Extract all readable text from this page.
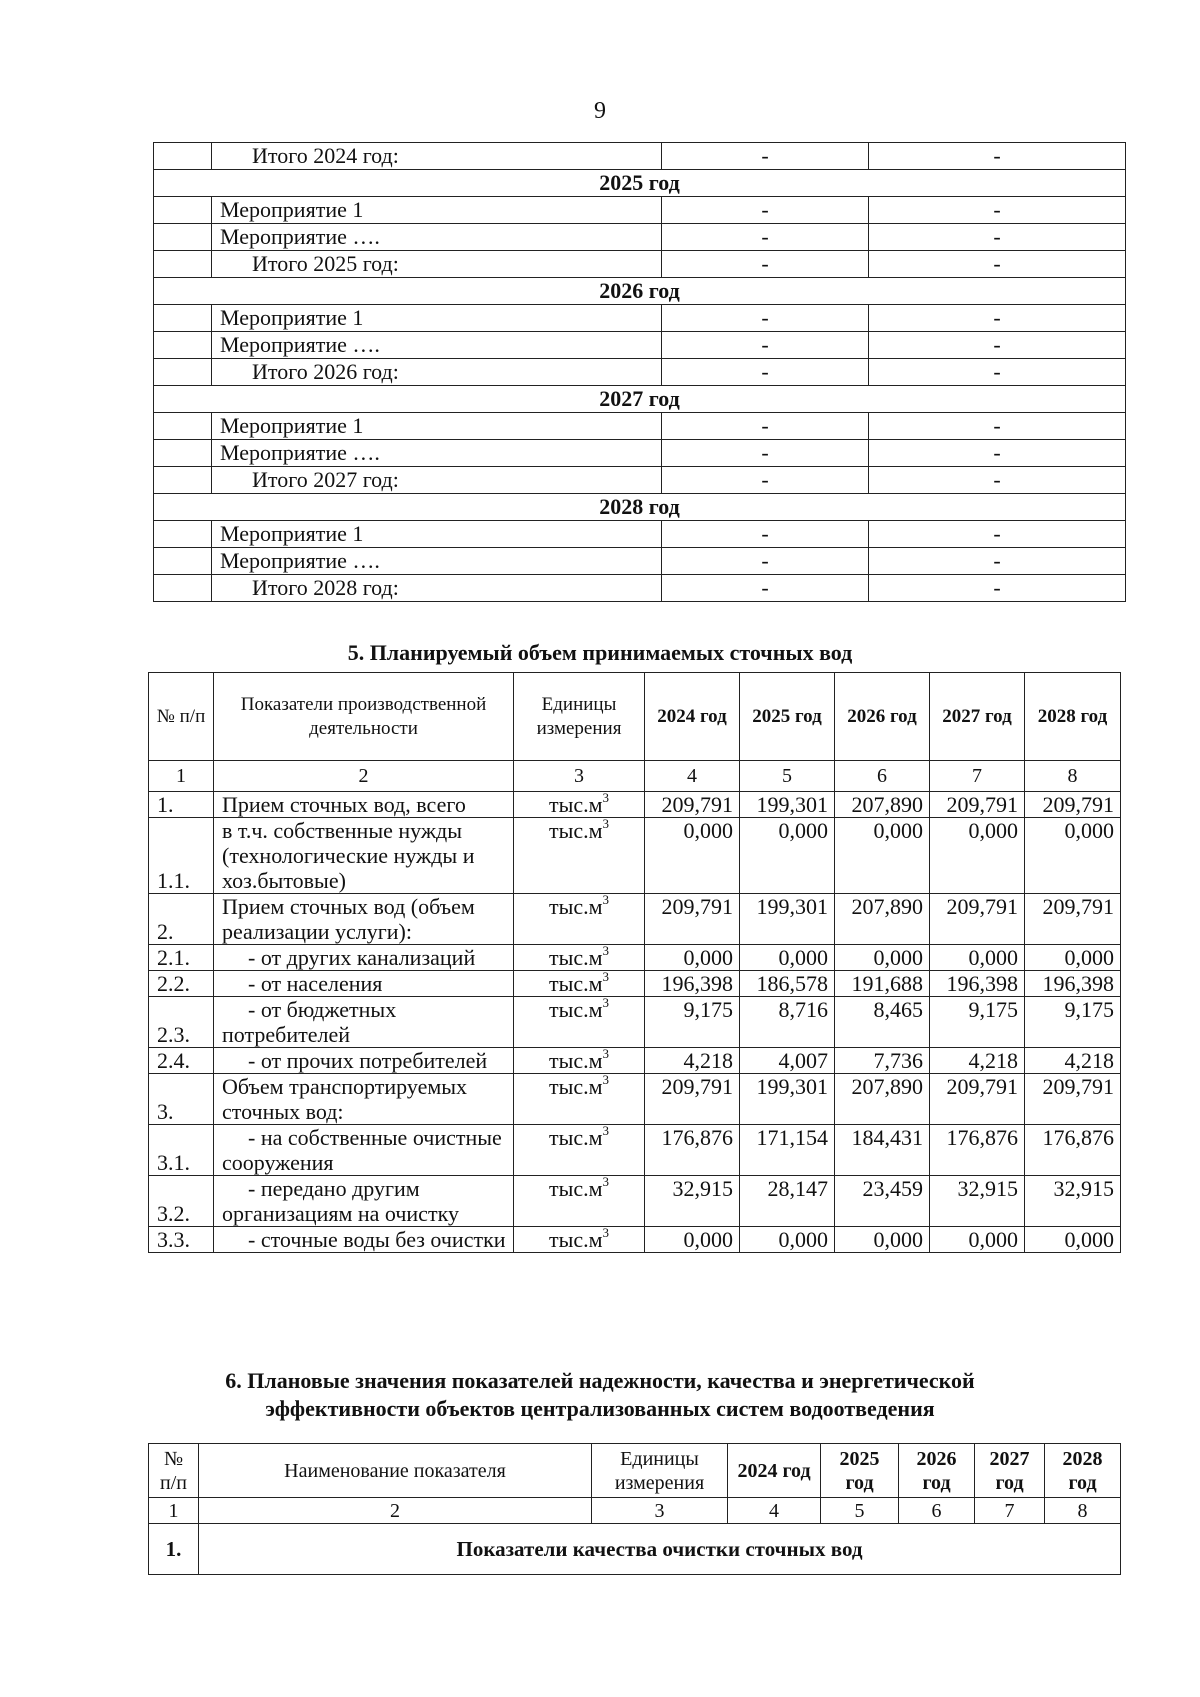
9
	Итого 2024 год:	-	-
2025 год			
	Мероприятие 1	-	-
	Мероприятие ….	-	-
	Итого 2025 год:	-	-
2026 год			
	Мероприятие 1	-	-
	Мероприятие ….	-	-
	Итого 2026 год:	-	-
2027 год			
	Мероприятие 1	-	-
	Мероприятие ….	-	-
	Итого 2027 год:	-	-
2028 год			
	Мероприятие 1	-	-
	Мероприятие ….	-	-
	Итого 2028 год:	-	-
5. Планируемый объем принимаемых сточных вод
№ п/п	Показатели производственной деятельности	Единицы измерения	2024 год	2025 год	2026 год	2027 год	2028 год
1	2	3	4	5	6	7	8
1.	Прием сточных вод, всего	$тыс.м^3$	209,791	199,301	207,890	209,791	209,791
1.1.	в т.ч. собственные нужды (технологические нужды и хоз.бытовые)	$тыс.м^3$	0,000	0,000	0,000	0,000	0,000
2.	Прием сточных вод (объем реализации услуги):	$тыс.м^3$	209,791	199,301	207,890	209,791	209,791
2.1.	- от других канализаций	$тыс.м^3$	0,000	0,000	0,000	0,000	0,000
2.2.	- от населения	$тыс.м^3$	196,398	186,578	191,688	196,398	196,398
2.3.	- от бюджетных потребителей	$тыс.м^3$	9,175	8,716	8,465	9,175	9,175
2.4.	- от прочих потребителей	$тыс.м^3$	4,218	4,007	7,736	4,218	4,218
3.	Объем транспортируемых сточных вод:	$тыс.м^3$	209,791	199,301	207,890	209,791	209,791
3.1.	- на собственные очистные сооружения	$тыс.м^3$	176,876	171,154	184,431	176,876	176,876
3.2.	- передано другим организациям на очистку	$тыс.м^3$	32,915	28,147	23,459	32,915	32,915
3.3.	- сточные воды без очистки	$тыс.м^3$	0,000	0,000	0,000	0,000	0,000
6. Плановые значения показателей надежности, качества и энергетической
эффективности объектов централизованных систем водоотведения
№ п/п	Наименование показателя	Единицы измерения	2024 год	2025 год	2026 год	2027 год	2028 год
1	2	3	4	5	6	7	8
1.	Показатели качества очистки сточных вод						
